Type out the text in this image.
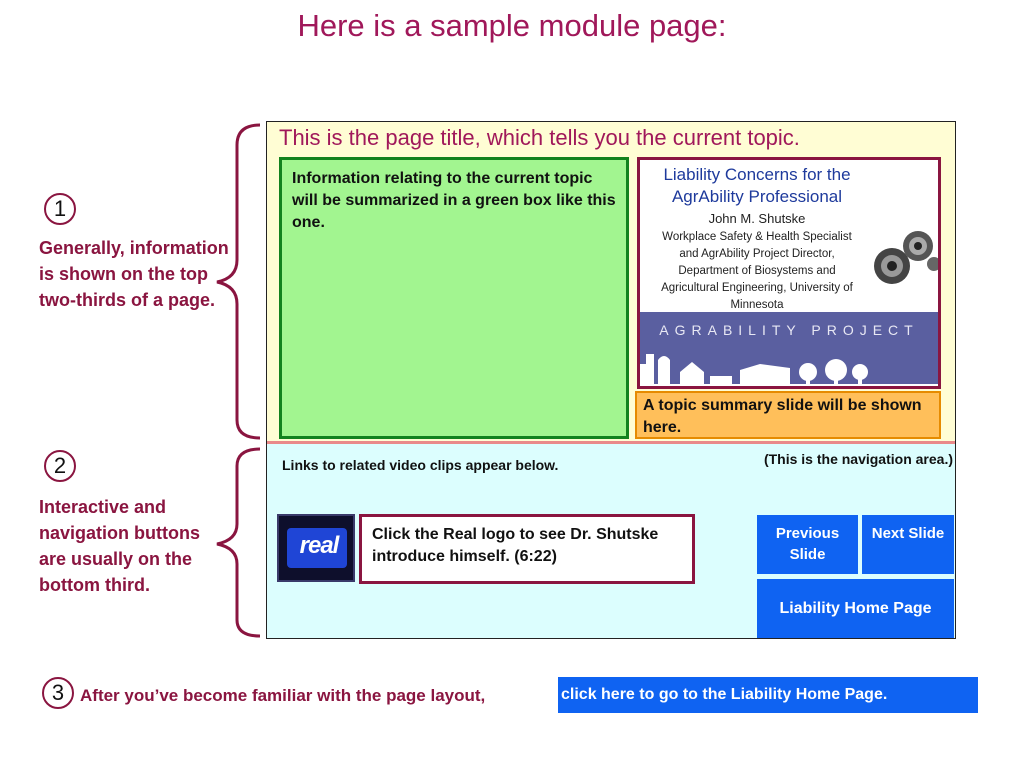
Here is a sample module page:
1
Generally, information is shown on the top two-thirds of a page.
2
Interactive and navigation buttons are usually on the bottom third.
This is the page title, which tells you the current topic.
Information relating to the current topic will be summarized in a green box like this one.
Liability Concerns for the
AgrAbility Professional
John M. Shutske
Workplace Safety & Health Specialist
and AgrAbility Project Director,
Department of Biosystems and
Agricultural Engineering, University of
Minnesota
AGRABILITY PROJECT
A topic summary slide will be shown here.
Links to related video clips appear below.	(This is the navigation area.)
real	Click the Real logo to see Dr. Shutske introduce himself. (6:22)
Previous Slide
Next Slide
Liability Home Page
3 After you’ve become familiar with the page layout,	click here to go to the Liability Home Page.
